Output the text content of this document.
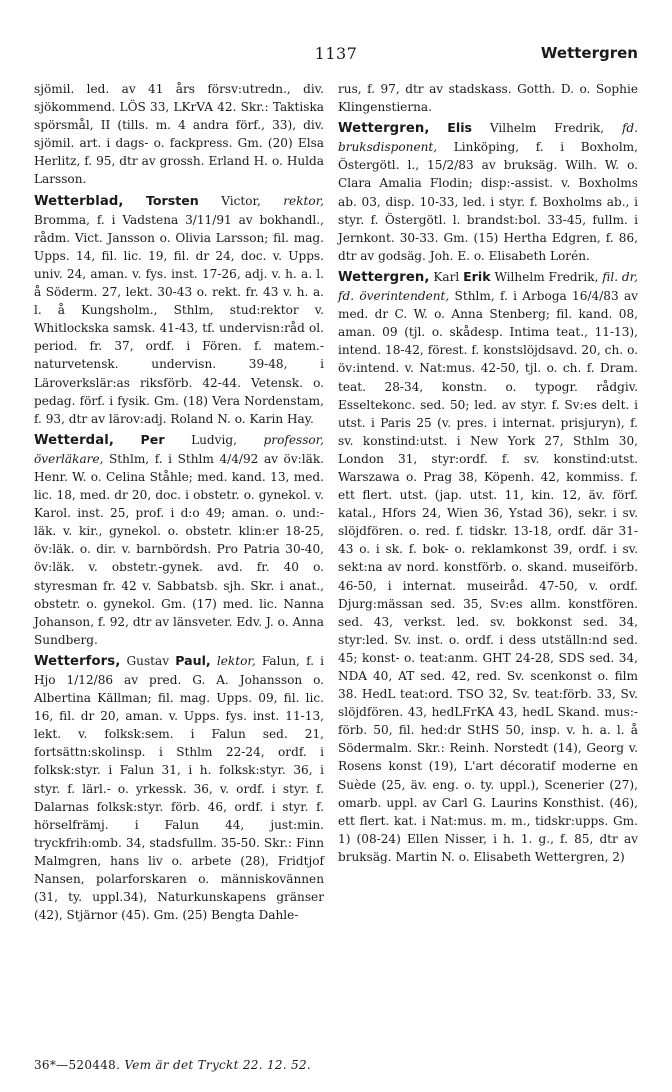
1137	Wettergren

sjömil. led. av 41 års försv:utredn., div. sjökommend. LÖS 33, LKrVA 42. Skr.: Taktiska spörsmål, II (tills. m. 4 andra förf., 33), div. sjömil. art. i dags- o. fackpress. Gm. (20) Elsa Herlitz, f. 95, dtr av grossh. Erland H. o. Hulda Larsson.

Wetterblad, Torsten Victor, rektor, Bromma, f. i Vadstena 3/11/91 av bokhandl., rådm. Vict. Jansson o. Olivia Larsson; fil. mag. Upps. 14, fil. lic. 19, fil. dr 24, doc. v. Upps. univ. 24, aman. v. fys. inst. 17-26, adj. v. h. a. l. å Söderm. 27, lekt. 30-43 o. rekt. fr. 43 v. h. a. l. å Kungsholm., Sthlm, stud:rektor v. Whitlockska samsk. 41-43, tf. undervisn:råd ol. period. fr. 37, ordf. i Fören. f. matem.-naturvetensk. undervisn. 39-48, i Läroverkslär:as riksförb. 42-44. Vetensk. o. pedag. förf. i fysik. Gm. (18) Vera Nordenstam, f. 93, dtr av lärov:adj. Roland N. o. Karin Hay.

Wetterdal, Per Ludvig, professor, överläkare, Sthlm, f. i Sthlm 4/4/92 av öv:läk. Henr. W. o. Celina Ståhle; med. kand. 13, med. lic. 18, med. dr 20, doc. i obstetr. o. gynekol. v. Karol. inst. 25, prof. i d:o 49; aman. o. und:-läk. v. kir., gynekol. o. obstetr. klin:er 18-25, öv:läk. o. dir. v. barnbördsh. Pro Patria 30-40, öv:läk. v. obstetr.-gynek. avd. fr. 40 o. styresman fr. 42 v. Sabbatsb. sjh. Skr. i anat., obstetr. o. gynekol. Gm. (17) med. lic. Nanna Johanson, f. 92, dtr av länsveter. Edv. J. o. Anna Sundberg.

Wetterfors, Gustav Paul, lektor, Falun, f. i Hjo 1/12/86 av pred. G. A. Johansson o. Albertina Källman; fil. mag. Upps. 09, fil. lic. 16, fil. dr 20, aman. v. Upps. fys. inst. 11-13, lekt. v. folksk:sem. i Falun sed. 21, fortsättn:skolinsp. i Sthlm 22-24, ordf. i folksk:styr. i Falun 31, i h. folksk:styr. 36, i styr. f. lärl.- o. yrkessk. 36, v. ordf. i styr. f. Dalarnas folksk:styr. förb. 46, ordf. i styr. f. hörselfrämj. i Falun 44, just:min. tryckfrih:omb. 34, stadsfullm. 35-50. Skr.: Finn Malmgren, hans liv o. arbete (28), Fridtjof Nansen, polarforskaren o. människovännen (31, ty. uppl.34), Naturkunskapens gränser (42), Stjärnor (45). Gm. (25) Bengta Dahle-

rus, f. 97, dtr av stadskass. Gotth. D. o. Sophie Klingenstierna.

Wettergren, Elis Vilhelm Fredrik, fd. bruksdisponent, Linköping, f. i Boxholm, Östergötl. l., 15/2/83 av bruksäg. Wilh. W. o. Clara Amalia Flodin; disp:-assist. v. Boxholms ab. 03, disp. 10-33, led. i styr. f. Boxholms ab., i styr. f. Östergötl. l. brandst:bol. 33-45, fullm. i Jernkont. 30-33. Gm. (15) Hertha Edgren, f. 86, dtr av godsäg. Joh. E. o. Elisabeth Lorén.

Wettergren, Karl Erik Wilhelm Fredrik, fil. dr, fd. överintendent, Sthlm, f. i Arboga 16/4/83 av med. dr C. W. o. Anna Stenberg; fil. kand. 08, aman. 09 (tjl. o. skådesp. Intima teat., 11-13), intend. 18-42, förest. f. konstslöjdsavd. 20, ch. o. öv:intend. v. Nat:mus. 42-50, tjl. o. ch. f. Dram. teat. 28-34, konstn. o. typogr. rådgiv. Esseltekonc. sed. 50; led. av styr. f. Sv:es delt. i utst. i Paris 25 (v. pres. i internat. prisjuryn), f. sv. konstind:utst. i New York 27, Sthlm 30, London 31, styr:ordf. f. sv. konstind:utst. Warszawa o. Prag 38, Köpenh. 42, kommiss. f. ett flert. utst. (jap. utst. 11, kin. 12, äv. förf. katal., Hfors 24, Wien 36, Ystad 36), sekr. i sv. slöjdfören. o. red. f. tidskr. 13-18, ordf. där 31-43 o. i sk. f. bok- o. reklamkonst 39, ordf. i sv. sekt:na av nord. konstförb. o. skand. museiförb. 46-50, i internat. museiråd. 47-50, v. ordf. Djurg:mässan sed. 35, Sv:es allm. konstfören. sed. 43, verkst. led. sv. bokkonst sed. 34, styr:led. Sv. inst. o. ordf. i dess utställn:nd sed. 45; konst- o. teat:anm. GHT 24-28, SDS sed. 34, NDA 40, AT sed. 42, red. Sv. scenkonst o. film 38. HedL teat:ord. TSO 32, Sv. teat:förb. 33, Sv. slöjdfören. 43, hedLFrKA 43, hedL Skand. mus:-förb. 50, fil. hed:dr StHS 50, insp. v. h. a. l. å Södermalm. Skr.: Reinh. Norstedt (14), Georg v. Rosens konst (19), L'art décoratif moderne en Suède (25, äv. eng. o. ty. uppl.), Scenerier (27), omarb. uppl. av Carl G. Laurins Konsthist. (46), ett flert. kat. i Nat:mus. m. m., tidskr:upps. Gm. 1) (08-24) Ellen Nisser, i h. 1. g., f. 85, dtr av bruksäg. Martin N. o. Elisabeth Wettergren, 2)

36*—520448. Vem är det Tryckt 22. 12. 52.
